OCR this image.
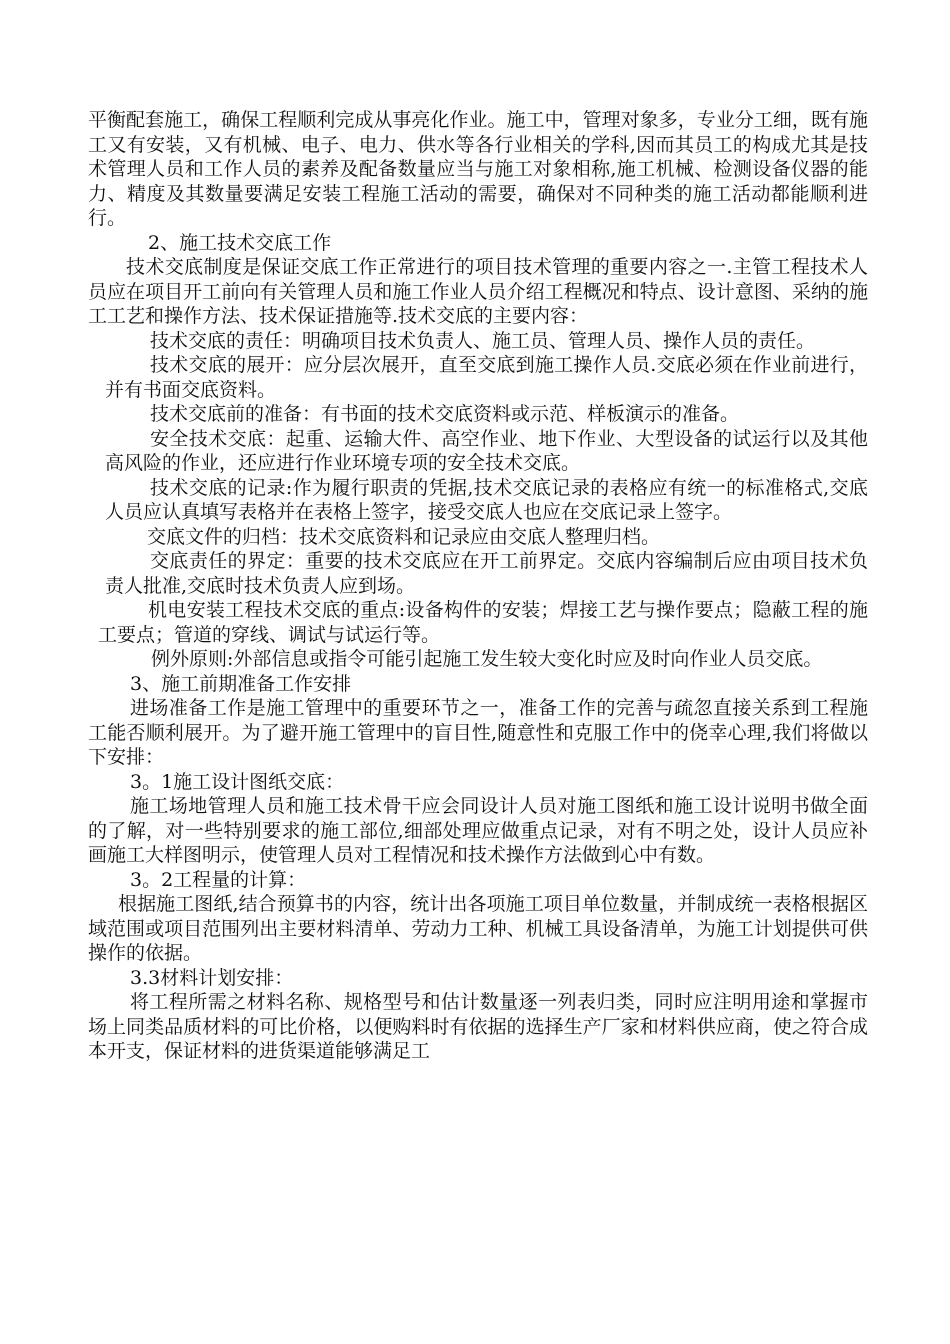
平衡配套施工，确保工程顺利完成从事亮化作业。施工中，管理对象多，专业分工细，既有施工又有安装，又有机械、电子、电力、供水等各行业相关的学科,因而其员工的构成尤其是技术管理人员和工作人员的素养及配备数量应当与施工对象相称,施工机械、检测设备仪器的能力、精度及其数量要满足安装工程施工活动的需要，确保对不同种类的施工活动都能顺利进行。

2、施工技术交底工作

技术交底制度是保证交底工作正常进行的项目技术管理的重要内容之一.主管工程技术人员应在项目开工前向有关管理人员和施工作业人员介绍工程概况和特点、设计意图、采纳的施工工艺和操作方法、技术保证措施等.技术交底的主要内容：

技术交底的责任：明确项目技术负责人、施工员、管理人员、操作人员的责任。

技术交底的展开：应分层次展开，直至交底到施工操作人员.交底必须在作业前进行，并有书面交底资料。

技术交底前的准备：有书面的技术交底资料或示范、样板演示的准备。

安全技术交底：起重、运输大件、高空作业、地下作业、大型设备的试运行以及其他高风险的作业，还应进行作业环境专项的安全技术交底。

技术交底的记录:作为履行职责的凭据,技术交底记录的表格应有统一的标准格式,交底人员应认真填写表格并在表格上签字，接受交底人也应在交底记录上签字。

交底文件的归档：技术交底资料和记录应由交底人整理归档。

交底责任的界定：重要的技术交底应在开工前界定。交底内容编制后应由项目技术负责人批准,交底时技术负责人应到场。

机电安装工程技术交底的重点:设备构件的安装；焊接工艺与操作要点；隐蔽工程的施工要点；管道的穿线、调试与试运行等。

例外原则:外部信息或指令可能引起施工发生较大变化时应及时向作业人员交底。

3、施工前期准备工作安排

进场准备工作是施工管理中的重要环节之一，准备工作的完善与疏忽直接关系到工程施工能否顺利展开。为了避开施工管理中的盲目性,随意性和克服工作中的侥幸心理,我们将做以下安排：

3。1施工设计图纸交底：

施工场地管理人员和施工技术骨干应会同设计人员对施工图纸和施工设计说明书做全面的了解，对一些特别要求的施工部位,细部处理应做重点记录，对有不明之处，设计人员应补画施工大样图明示，使管理人员对工程情况和技术操作方法做到心中有数。

3。2工程量的计算：

根据施工图纸,结合预算书的内容，统计出各项施工项目单位数量，并制成统一表格根据区域范围或项目范围列出主要材料清单、劳动力工种、机械工具设备清单，为施工计划提供可供操作的依据。

3.3材料计划安排：

将工程所需之材料名称、规格型号和估计数量逐一列表归类，同时应注明用途和掌握市场上同类品质材料的可比价格，以便购料时有依据的选择生产厂家和材料供应商，使之符合成本开支，保证材料的进货渠道能够满足工
